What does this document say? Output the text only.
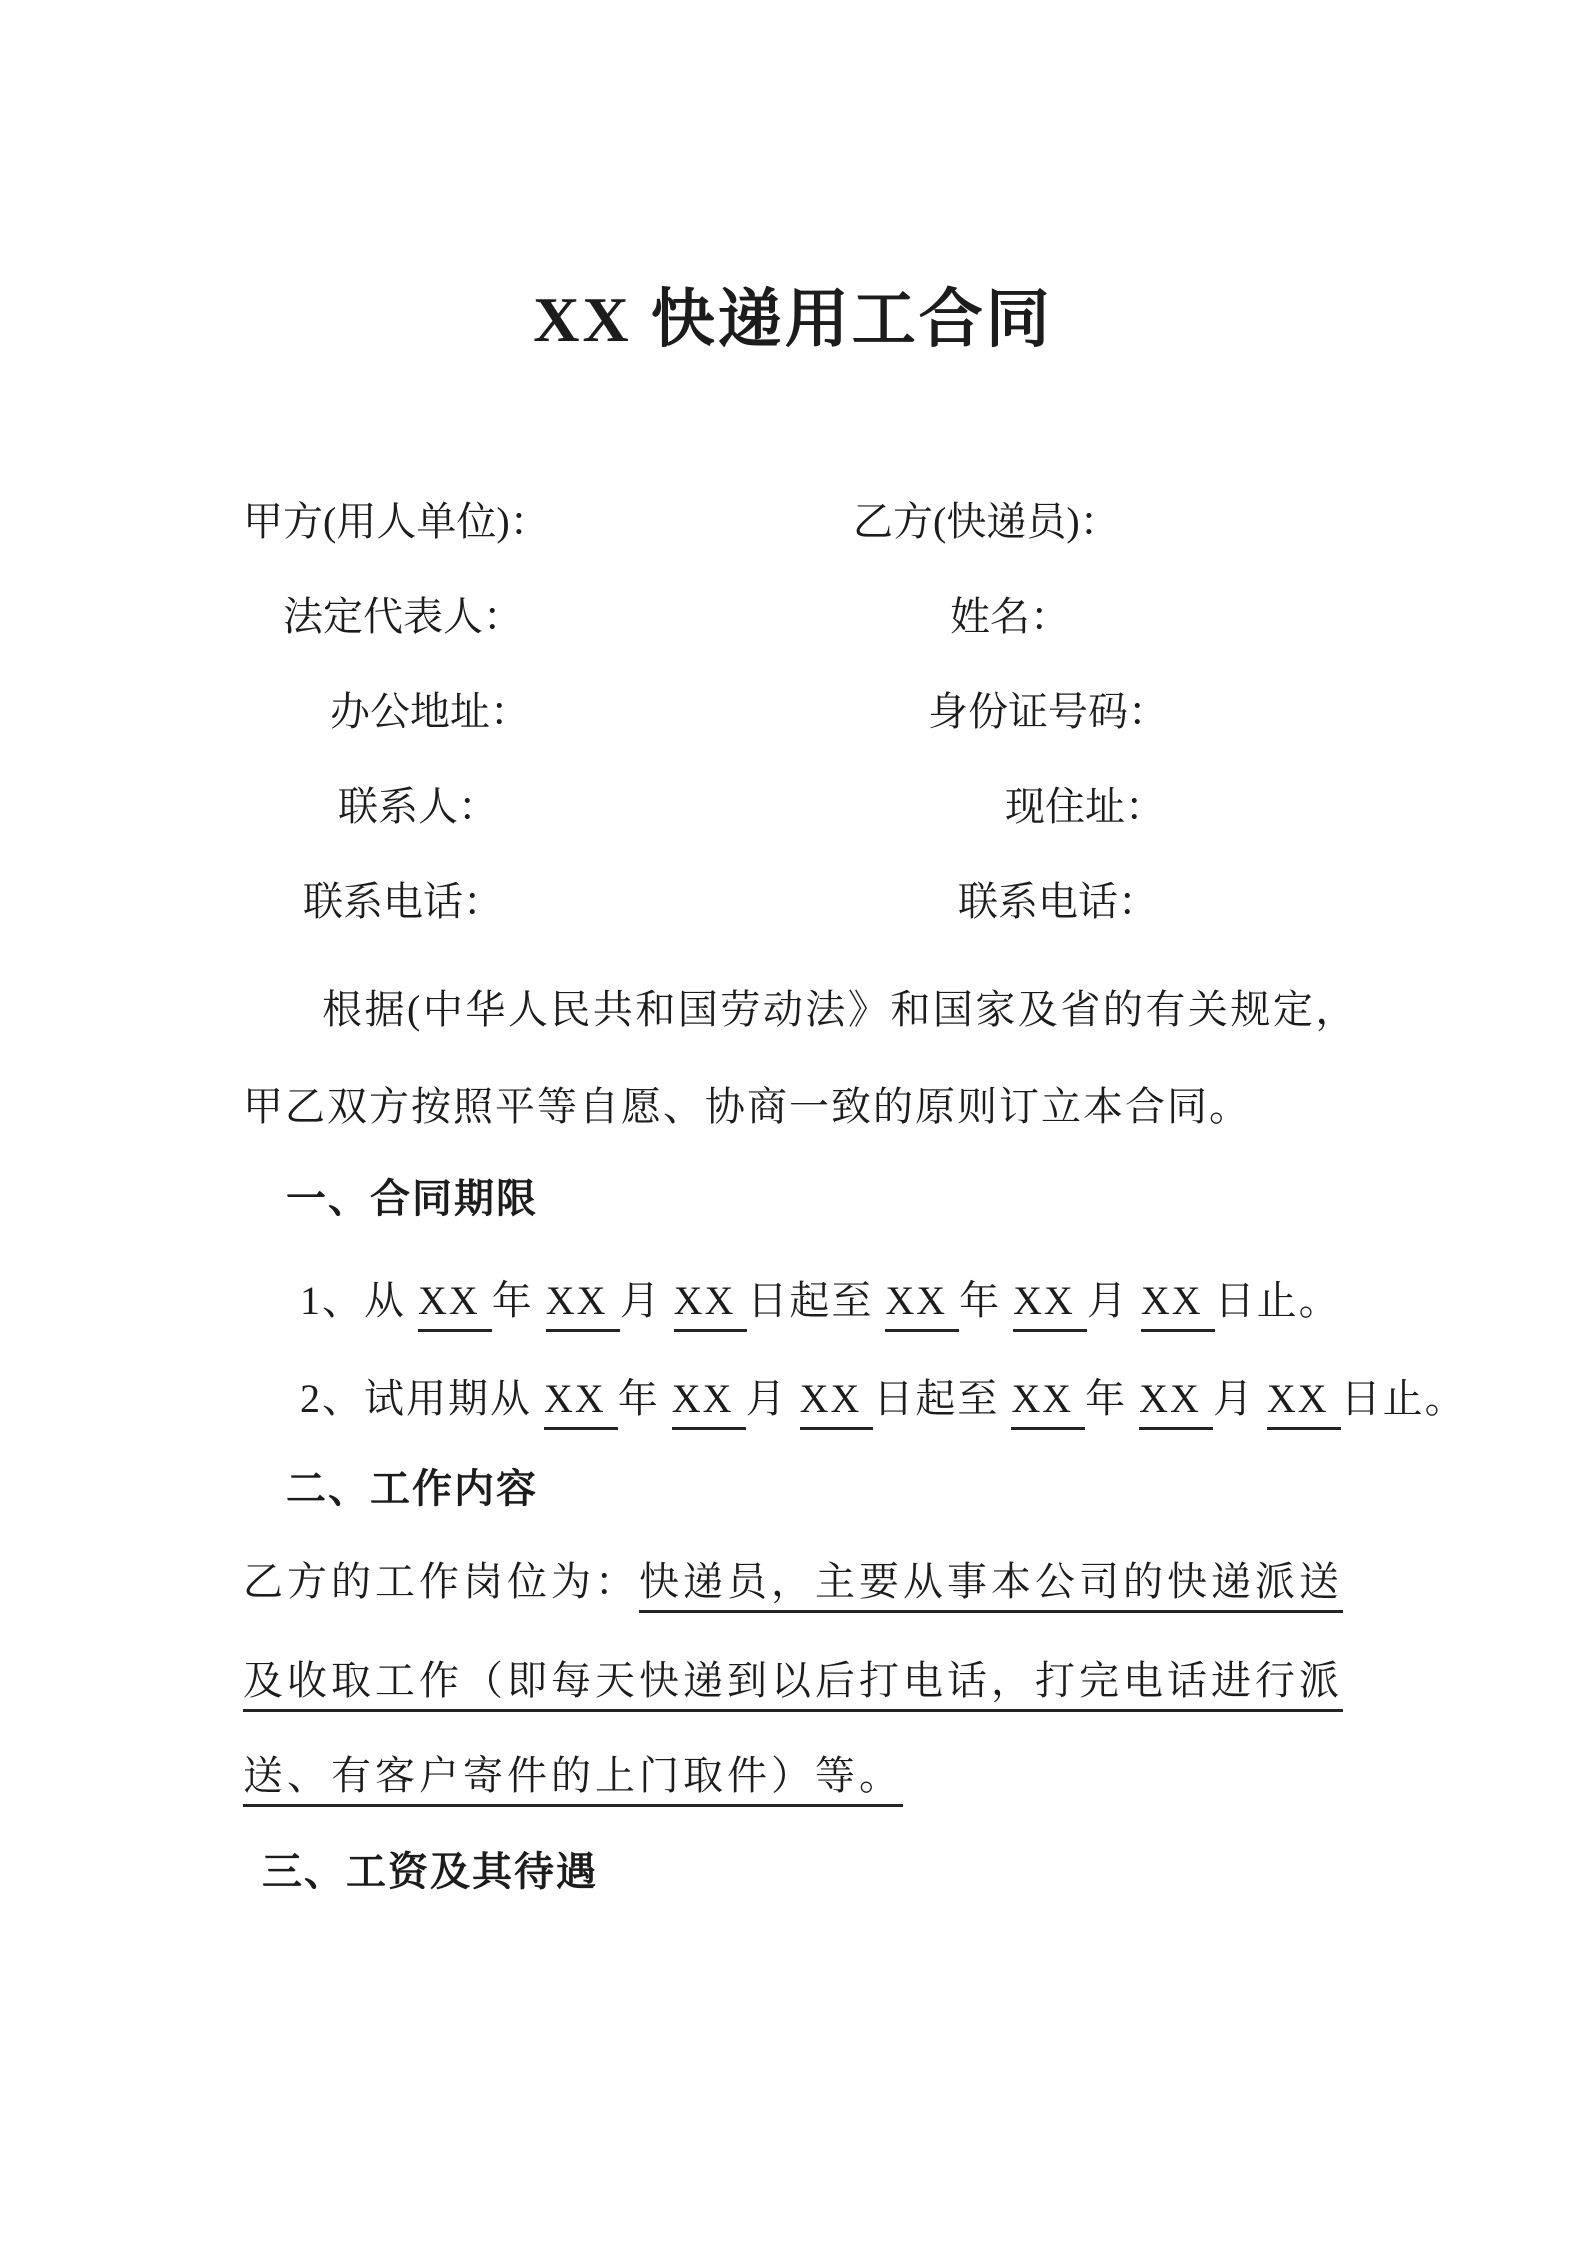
XX 快递用工合同
甲方(用人单位)：	乙方(快递员)：
法定代表人：	姓名：
办公地址：	身份证号码：
联系人：	现住址：
联系电话：	联系电话：
根据(中华人民共和国劳动法》和国家及省的有关规定，
甲乙双方按照平等自愿、协商一致的原则订立本合同。
一、合同期限
1、从 XX 年 XX 月 XX 日起至 XX 年 XX 月 XX 日止。
2、试用期从 XX 年 XX 月 XX 日起至 XX 年 XX 月 XX 日止。
二、工作内容
乙方的工作岗位为：快递员，主要从事本公司的快递派送
及收取工作（即每天快递到以后打电话，打完电话进行派
送、有客户寄件的上门取件）等。
三、工资及其待遇
